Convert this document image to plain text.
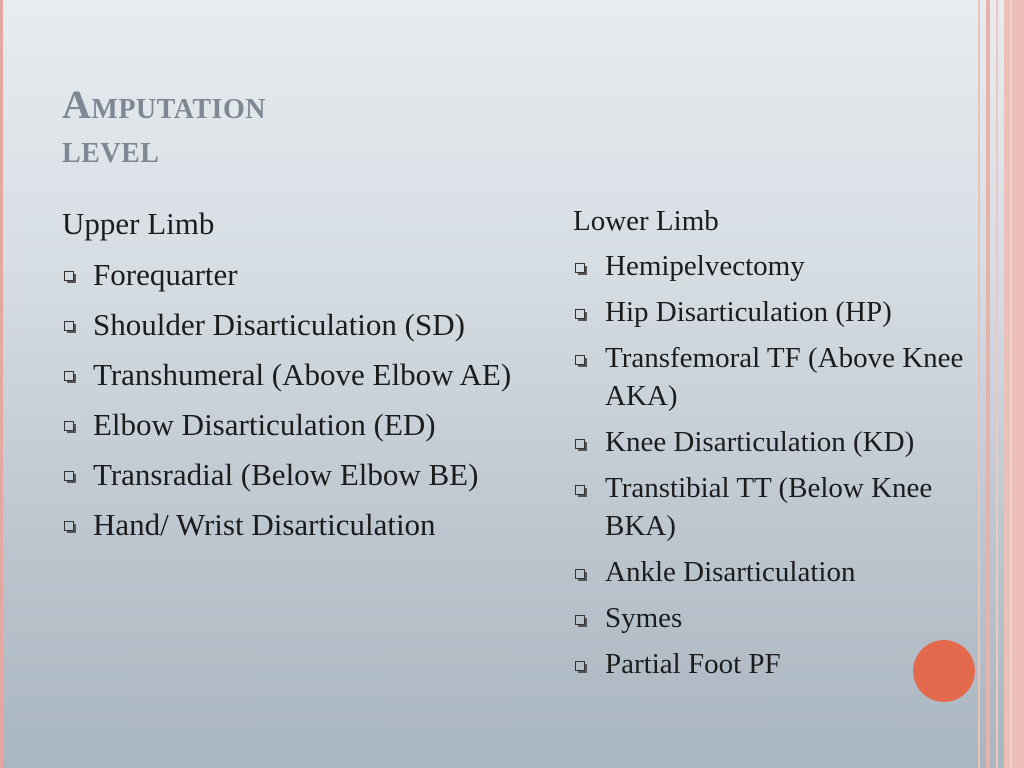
Amputation
level
Upper Limb
Forequarter
Shoulder Disarticulation (SD)
Transhumeral (Above Elbow AE)
Elbow Disarticulation (ED)
Transradial (Below Elbow BE)
Hand/ Wrist Disarticulation
Lower Limb
Hemipelvectomy
Hip Disarticulation (HP)
Transfemoral TF (Above Knee AKA)
Knee Disarticulation (KD)
Transtibial TT (Below Knee BKA)
Ankle Disarticulation
Symes
Partial Foot PF
